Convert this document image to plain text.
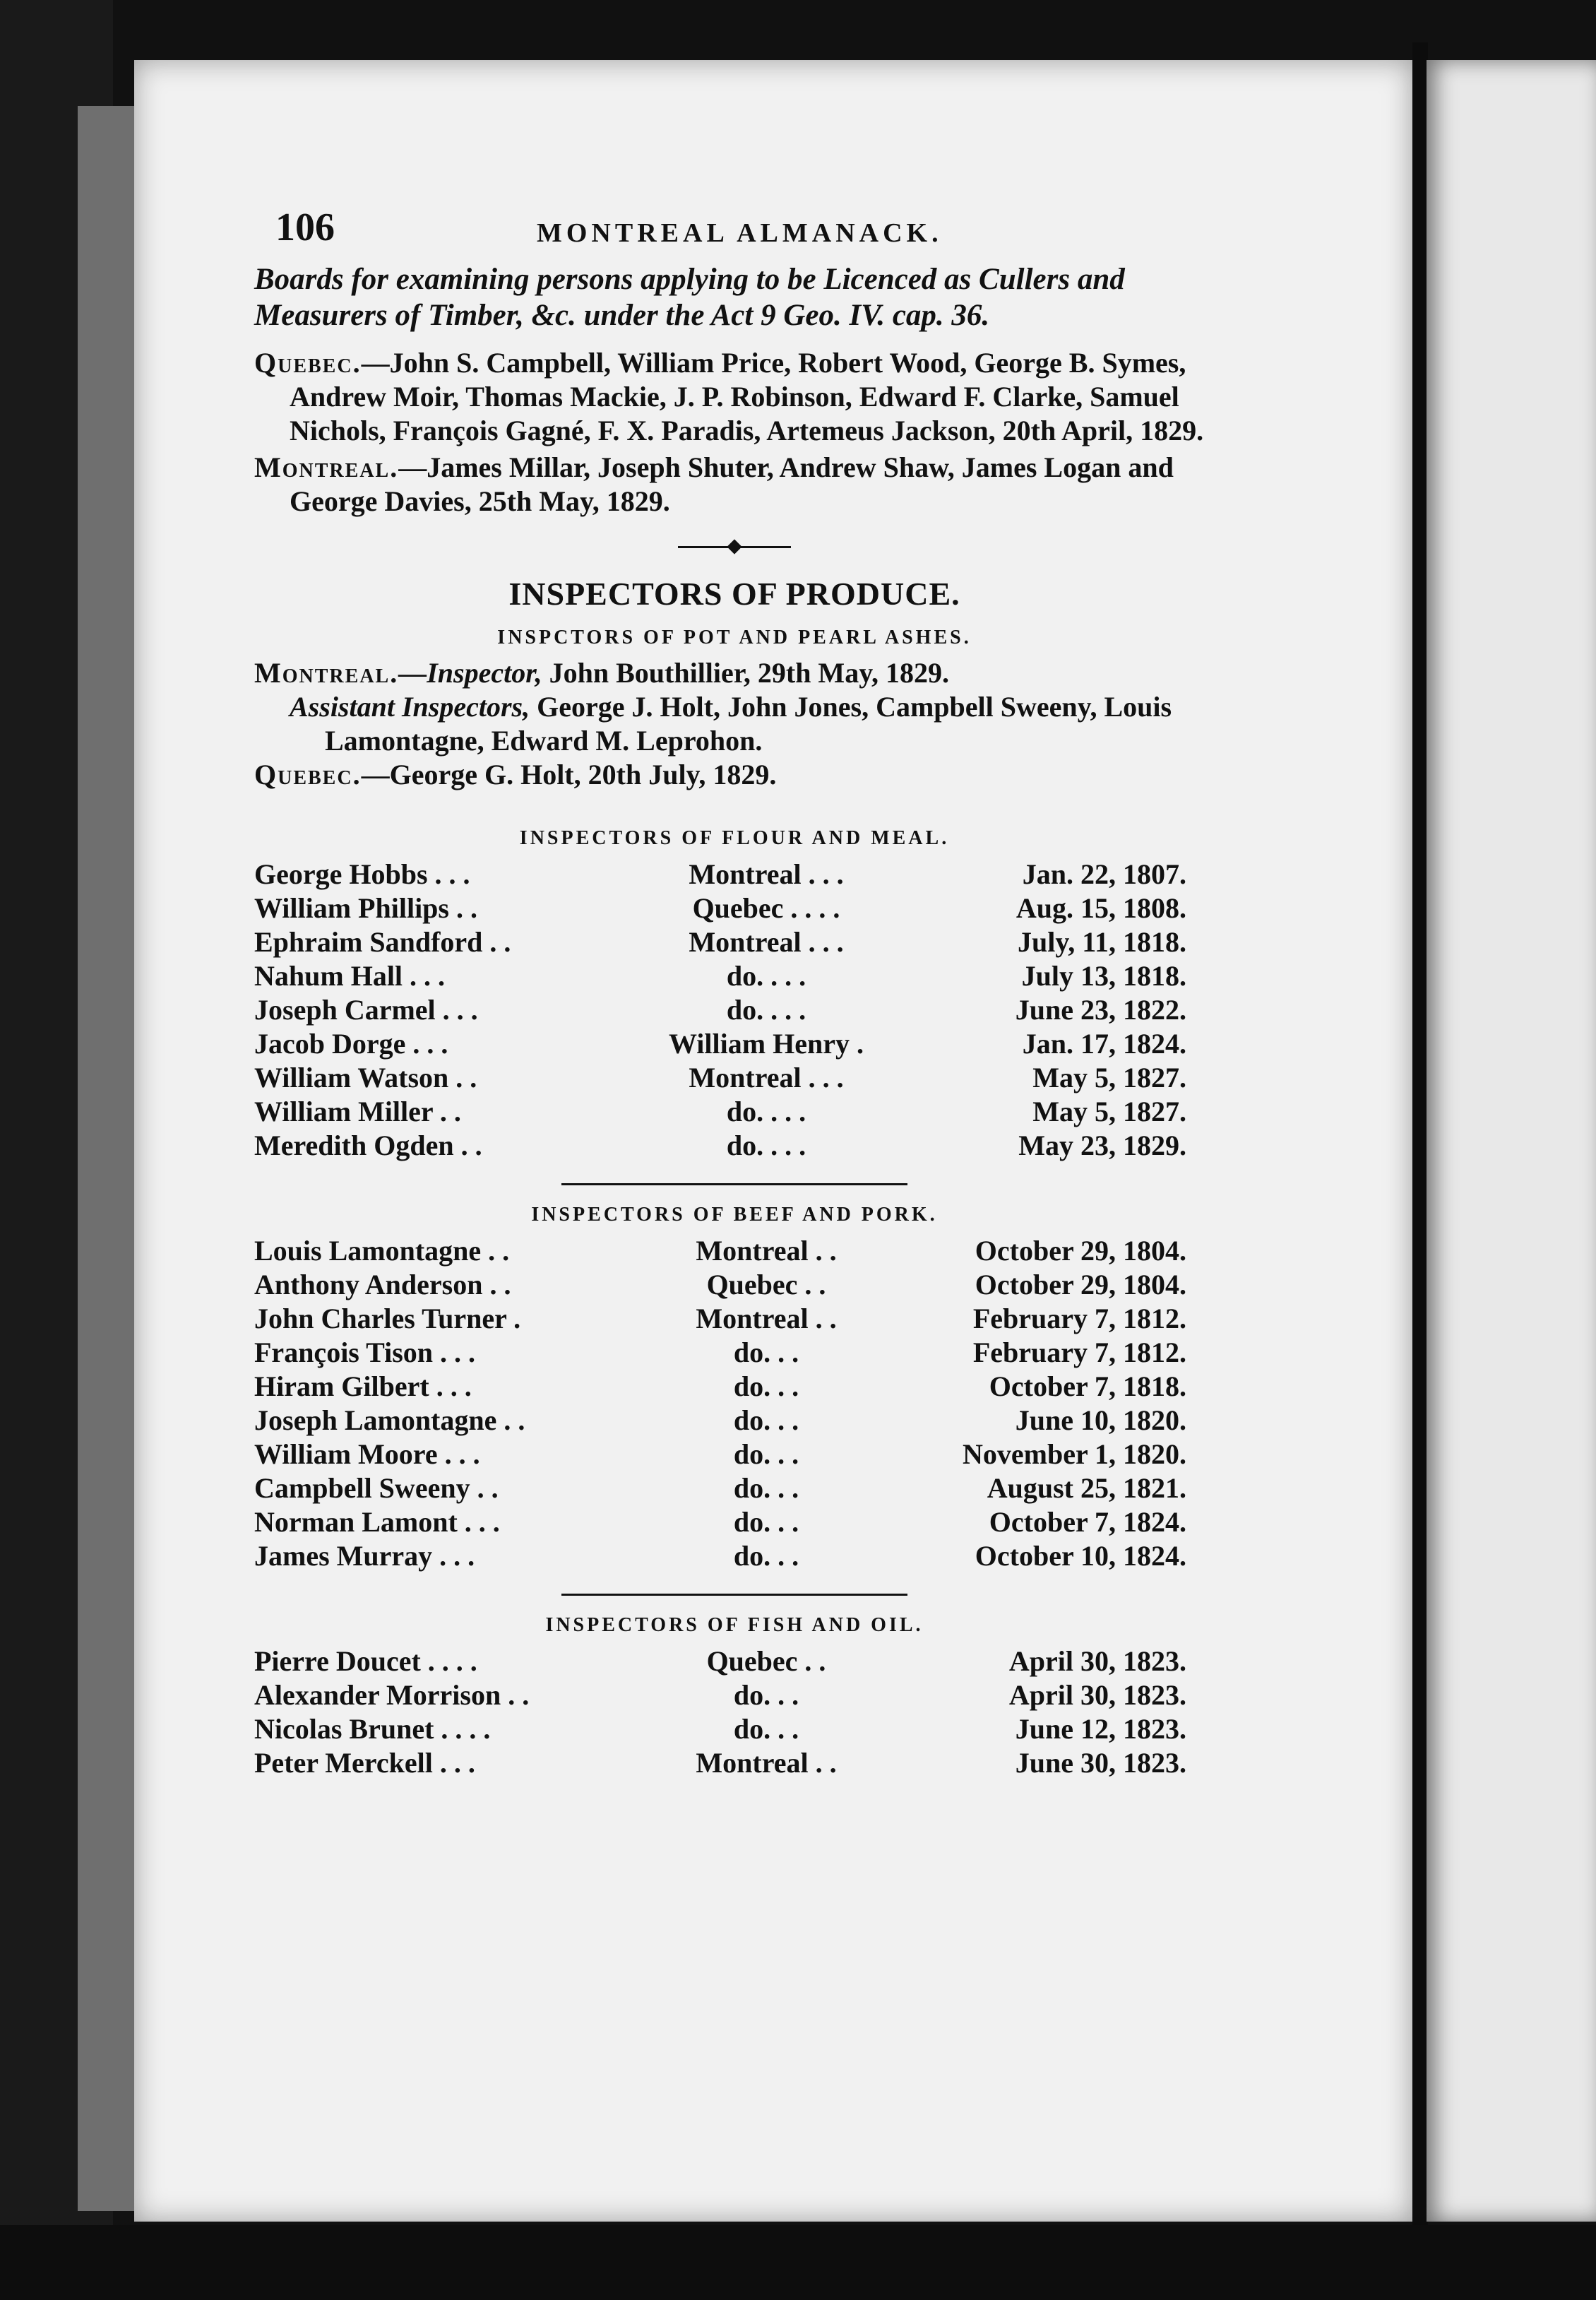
106	MONTREAL ALMANACK.

Boards for examining persons applying to be Licenced as Cullers and Measurers of Timber, &c. under the Act 9 Geo. IV. cap. 36.

Quebec.—John S. Campbell, William Price, Robert Wood, George B. Symes, Andrew Moir, Thomas Mackie, J. P. Robinson, Edward F. Clarke, Samuel Nichols, François Gagné, F. X. Paradis, Artemeus Jackson, 20th April, 1829.

Montreal.—James Millar, Joseph Shuter, Andrew Shaw, James Logan and George Davies, 25th May, 1829.

INSPECTORS OF PRODUCE.
INSPCTORS OF POT AND PEARL ASHES.

Montreal.—Inspector, John Bouthillier, 29th May, 1829.

Assistant Inspectors, George J. Holt, John Jones, Campbell Sweeny, Louis Lamontagne, Edward M. Leprohon.

Quebec.—George G. Holt, 20th July, 1829.

INSPECTORS OF FLOUR AND MEAL.
George Hobbs . . .	Montreal . . .	Jan. 22, 1807.
William Phillips . .	Quebec . . . .	Aug. 15, 1808.
Ephraim Sandford . .	Montreal . . .	July, 11, 1818.
Nahum Hall . . .	do. . . .	July 13, 1818.
Joseph Carmel . . .	do. . . .	June 23, 1822.
Jacob Dorge . . .	William Henry .	Jan. 17, 1824.
William Watson . .	Montreal . . .	May 5, 1827.
William Miller . .	do. . . .	May 5, 1827.
Meredith Ogden . .	do. . . .	May 23, 1829.
INSPECTORS OF BEEF AND PORK.
Louis Lamontagne . .	Montreal . .	October 29, 1804.
Anthony Anderson . .	Quebec . .	October 29, 1804.
John Charles Turner .	Montreal . .	February 7, 1812.
François Tison . . .	do. . .	February 7, 1812.
Hiram Gilbert . . .	do. . .	October 7, 1818.
Joseph Lamontagne . .	do. . .	June 10, 1820.
William Moore . . .	do. . .	November 1, 1820.
Campbell Sweeny . .	do. . .	August 25, 1821.
Norman Lamont . . .	do. . .	October 7, 1824.
James Murray . . .	do. . .	October 10, 1824.
INSPECTORS OF FISH AND OIL.
Pierre Doucet . . . .	Quebec . .	April 30, 1823.
Alexander Morrison . .	do. . .	April 30, 1823.
Nicolas Brunet . . . .	do. . .	June 12, 1823.
Peter Merckell . . .	Montreal . .	June 30, 1823.
